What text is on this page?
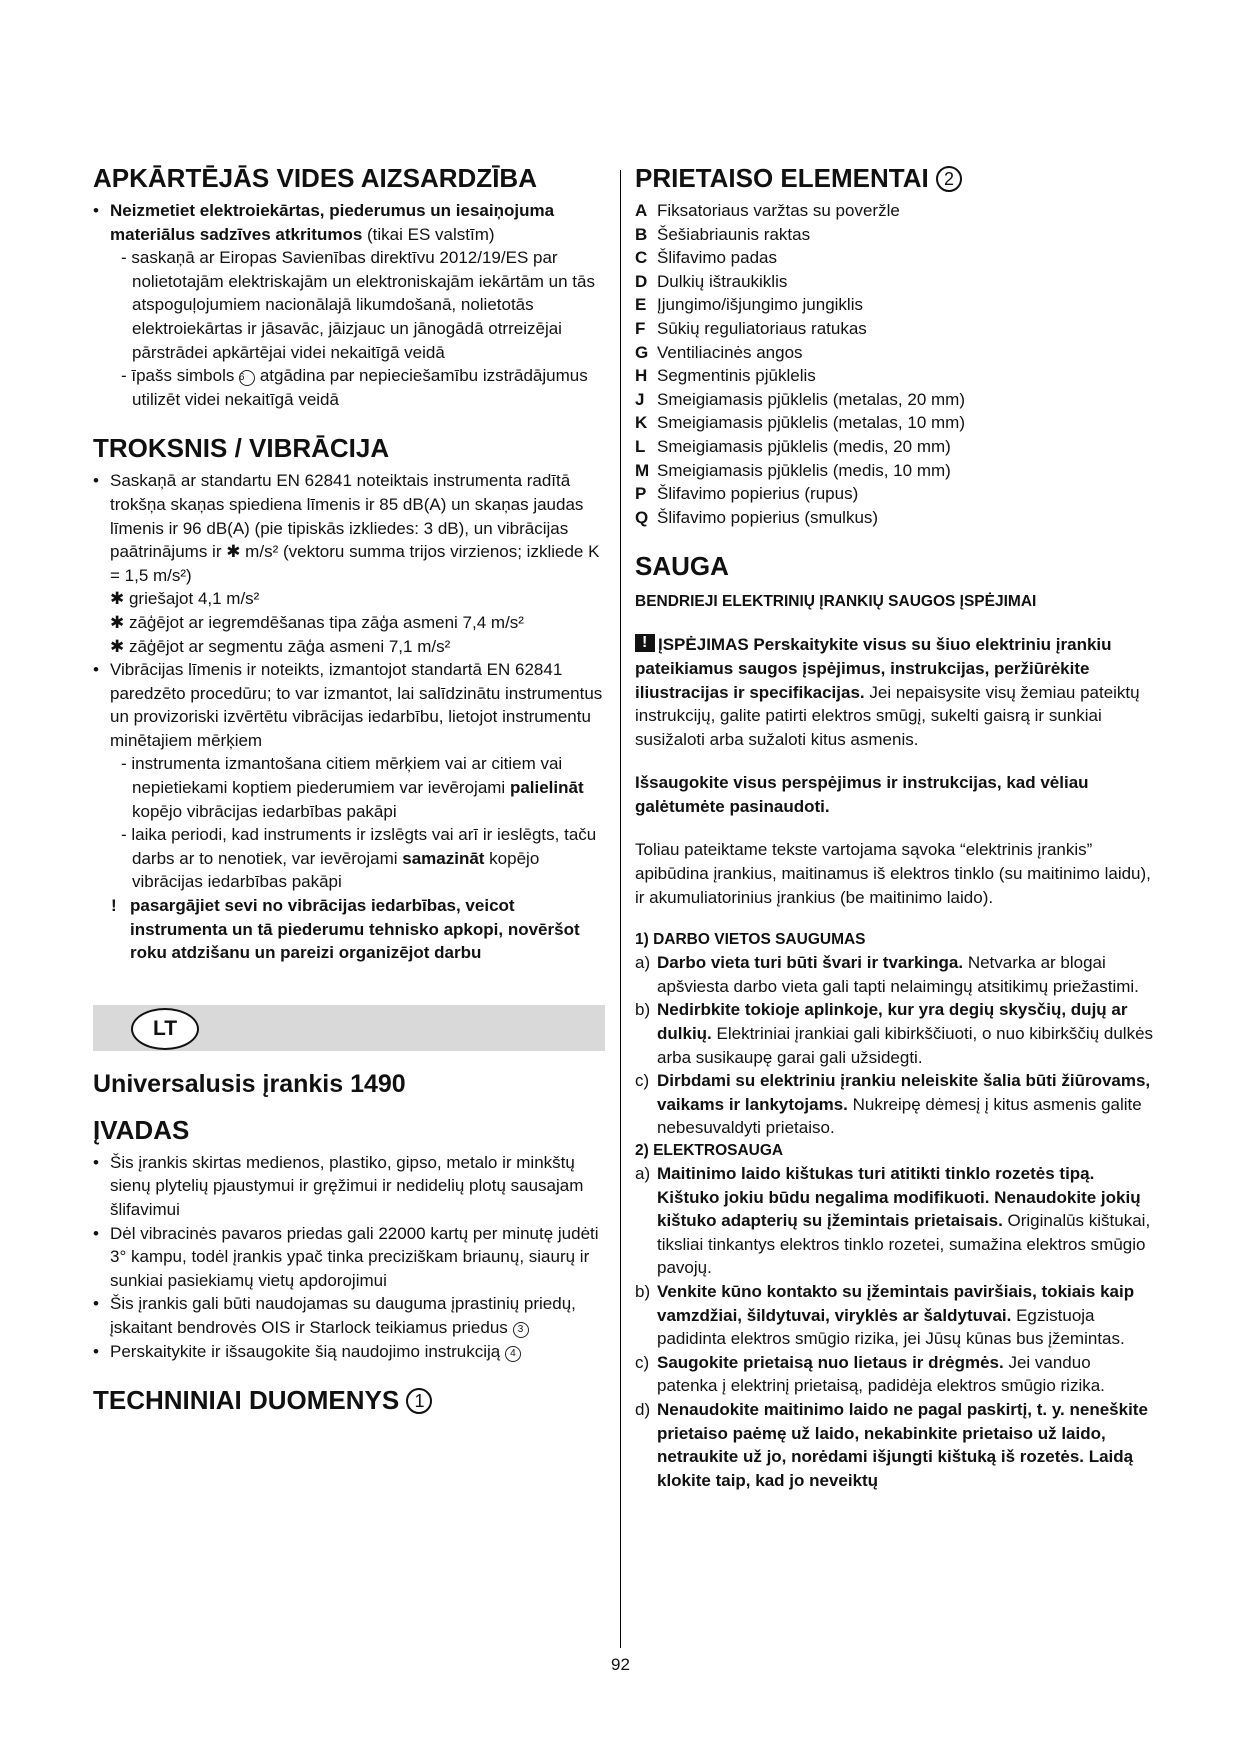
APKĀRTĒJĀS VIDES AIZSARDZĪBA
• Neizmetiet elektroiekārtas, piederumus un iesaiņojuma materiālus sadzīves atkritumos (tikai ES valstīm)
- saskaņā ar Eiropas Savienības direktīvu 2012/19/ES par nolietotajām elektriskajām un elektroniskajām iekārtām un tās atspoguļojumiem nacionālajā likumdošanā, nolietotās elektroiekārtas ir jāsavāc, jāizjauc un jānogādā otrreizējai pārstrādei apkārtējai videi nekaitīgā veidā
- īpašs simbols 6 atgādina par nepieciešamību izstrādājumus utilizēt videi nekaitīgā veidā
TROKSNIS / VIBRĀCIJA
• Saskaņā ar standartu EN 62841 noteiktais instrumenta radītā trokšņa skaņas spiediena līmenis ir 85 dB(A) un skaņas jaudas līmenis ir 96 dB(A) (pie tipiskās izkliedes: 3 dB), un vibrācijas paātrinājums ir ✱ m/s² (vektoru summa trijos virzienos; izkliede K = 1,5 m/s²)
✱ griešajot 4,1 m/s²
✱ zāģējot ar iegremdēšanas tipa zāģa asmeni 7,4 m/s²
✱ zāģējot ar segmentu zāģa asmeni 7,1 m/s²
• Vibrācijas līmenis ir noteikts, izmantojot standartā EN 62841 paredzēto procedūru; to var izmantot, lai salīdzinātu instrumentus un provizoriski izvērtētu vibrācijas iedarbību, lietojot instrumentu minētajiem mērķiem
- instrumenta izmantošana citiem mērķiem vai ar citiem vai nepietiekami koptiem piederumiem var ievērojami palielināt kopējo vibrācijas iedarbības pakāpi
- laika periodi, kad instruments ir izslēgts vai arī ir ieslēgts, taču darbs ar to nenotiek, var ievērojami samazināt kopējo vibrācijas iedarbības pakāpi
! pasargājiet sevi no vibrācijas iedarbības, veicot instrumenta un tā piederumu tehnisko apkopi, novēršot roku atdzišanu un pareizi organizējot darbu
LT
Universalusis įrankis 1490
ĮVADAS
• Šis įrankis skirtas medienos, plastiko, gipso, metalo ir minkštų sienų plytelių pjaustymui ir gręžimui ir nedidelių plotų sausajam šlifavimui
• Dėl vibracinės pavaros priedas gali 22000 kartų per minutę judėti 3° kampu, todėl įrankis ypač tinka preciziškam briaunų, siaurų ir sunkiai pasiekiamų vietų apdorojimui
• Šis įrankis gali būti naudojamas su dauguma įprastinių priedų, įskaitant bendrovės OIS ir Starlock teikiamus priedus 3
• Perskaitykite ir išsaugokite šią naudojimo instrukciją 4
TECHNINIAI DUOMENYS 1
PRIETAISO ELEMENTAI 2
A Fiksatoriaus varžtas su poveržle
B Šešiabriaunis raktas
C Šlifavimo padas
D Dulkių ištraukiklis
E Įjungimo/išjungimo jungiklis
F Sūkių reguliatoriaus ratukas
G Ventiliacinės angos
H Segmentinis pjūklelis
J Smeigiamasis pjūklelis (metalas, 20 mm)
K Smeigiamasis pjūklelis (metalas, 10 mm)
L Smeigiamasis pjūklelis (medis, 20 mm)
M Smeigiamasis pjūklelis (medis, 10 mm)
P Šlifavimo popierius (rupus)
Q Šlifavimo popierius (smulkus)
SAUGA
BENDRIEJI ELEKTRINIŲ ĮRANKIŲ SAUGOS ĮSPĖJIMAI

!ĮSPĖJIMAS Perskaitykite visus su šiuo elektriniu įrankiu pateikiamus saugos įspėjimus, instrukcijas, peržiūrėkite iliustracijas ir specifikacijas. Jei nepaisysite visų žemiau pateiktų instrukcijų, galite patirti elektros smūgį, sukelti gaisrą ir sunkiai susižaloti arba sužaloti kitus asmenis.

Išsaugokite visus perspėjimus ir instrukcijas, kad vėliau galėtumėte pasinaudoti.

Toliau pateiktame tekste vartojama sąvoka “elektrinis įrankis” apibūdina įrankius, maitinamus iš elektros tinklo (su maitinimo laidu), ir akumuliatorinius įrankius (be maitinimo laido).

1) DARBO VIETOS SAUGUMAS
a) Darbo vieta turi būti švari ir tvarkinga. Netvarka ar blogai apšviesta darbo vieta gali tapti nelaimingų atsitikimų priežastimi.
b) Nedirbkite tokioje aplinkoje, kur yra degių skysčių, dujų ar dulkių. Elektriniai įrankiai gali kibirkščiuoti, o nuo kibirkščių dulkės arba susikaupę garai gali užsidegti.
c) Dirbdami su elektriniu įrankiu neleiskite šalia būti žiūrovams, vaikams ir lankytojams. Nukreipę dėmesį į kitus asmenis galite nebesuvaldyti prietaiso.
2) ELEKTROSAUGA
a) Maitinimo laido kištukas turi atitikti tinklo rozetės tipą. Kištuko jokiu būdu negalima modifikuoti. Nenaudokite jokių kištuko adapterių su įžemintais prietaisais. Originalūs kištukai, tiksliai tinkantys elektros tinklo rozetei, sumažina elektros smūgio pavojų.
b) Venkite kūno kontakto su įžemintais paviršiais, tokiais kaip vamzdžiai, šildytuvai, viryklės ar šaldytuvai. Egzistuoja padidinta elektros smūgio rizika, jei Jūsų kūnas bus įžemintas.
c) Saugokite prietaisą nuo lietaus ir drėgmės. Jei vanduo patenka į elektrinį prietaisą, padidėja elektros smūgio rizika.
d) Nenaudokite maitinimo laido ne pagal paskirtį, t. y. neneškite prietaiso paėmę už laido, nekabinkite prietaiso už laido, netraukite už jo, norėdami išjungti kištuką iš rozetės. Laidą klokite taip, kad jo neveiktų
92
